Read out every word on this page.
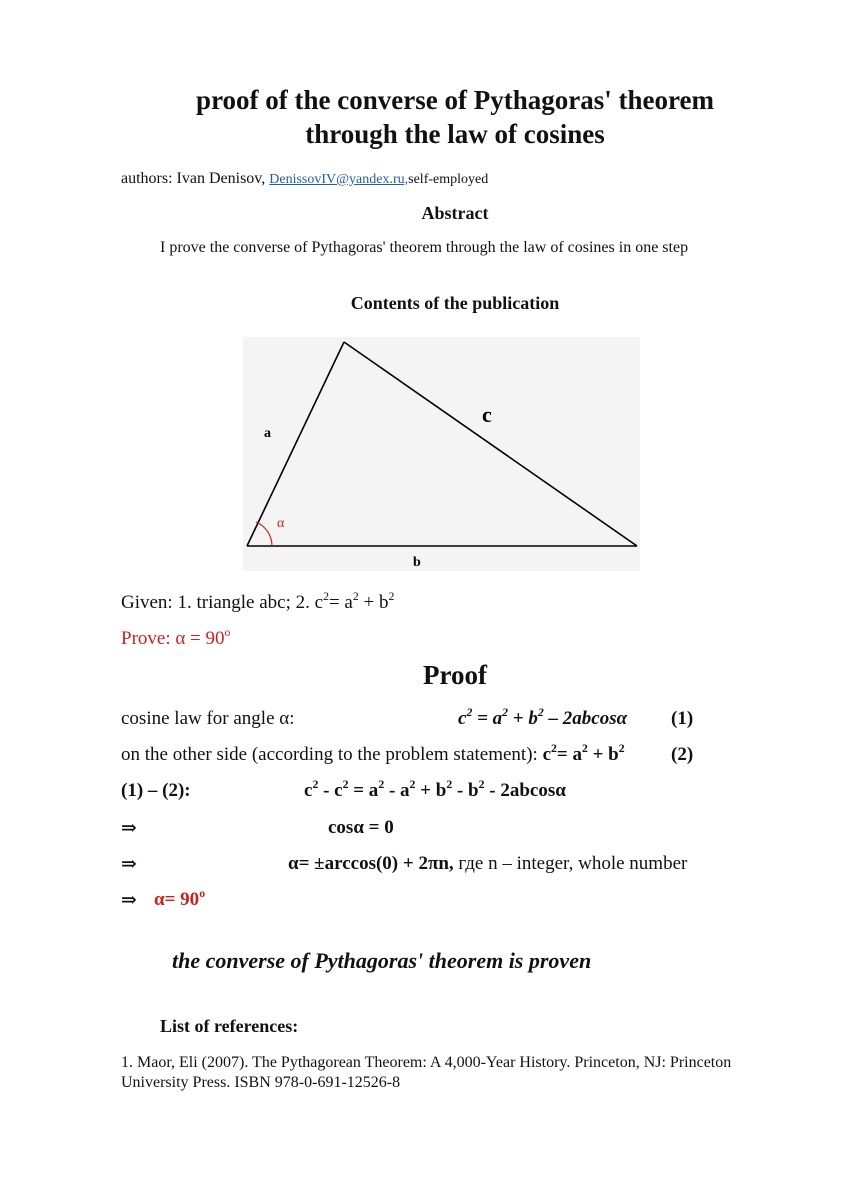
proof of the converse of Pythagoras' theorem
through the law of cosines
authors: Ivan Denisov, DenissovIV@yandex.ru,self-employed
Abstract
I prove the converse of Pythagoras' theorem through the law of cosines in one step
Contents of the publication
a
c
b
α
Given: 1. triangle abc; 2. $c^2= a^2 + b^2$
Prove: $\alpha = 90^o$
Proof
cosine law for angle α:	$c^2 = a^2 + b^2 - 2abcos\alpha$ (1)
on the other side (according to the problem statement): $c^2= a^2 + b^2$ (2)
(1) – (2):	$c^2 - c^2 = a^2 - a^2 + b^2 - b^2 - 2abcos\alpha$
⇒	cosα = 0
⇒	α= ±arccos(0) + 2πn, где n – integer, whole number
⇒ $\alpha= 90^o$
the converse of Pythagoras' theorem is proven
List of references:
1. Maor, Eli (2007). The Pythagorean Theorem: A 4,000-Year History. Princeton, NJ: Princeton
University Press. ISBN 978-0-691-12526-8
